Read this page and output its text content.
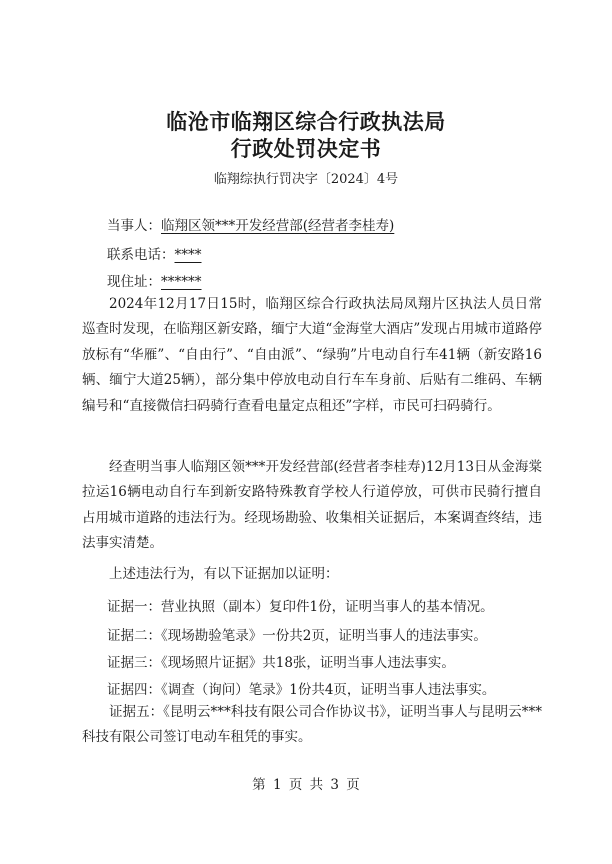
临沧市临翔区综合行政执法局
行政处罚决定书
临翔综执行罚决字〔2024〕4号
当事人：临翔区领***开发经营部(经营者李桂寿)
联系电话：****
现住址：******
2024年12月17日15时，临翔区综合行政执法局凤翔片区执法人员日常巡查时发现，在临翔区新安路，缅宁大道“金海堂大酒店”发现占用城市道路停放标有“华雁”、“自由行”、“自由派”、“绿驹”片电动自行车41辆（新安路16辆、缅宁大道25辆），部分集中停放电动自行车车身前、后贴有二维码、车辆编号和“直接微信扫码骑行查看电量定点租还”字样，市民可扫码骑行。
经查明当事人临翔区领***开发经营部(经营者李桂寿)12月13日从金海棠拉运16辆电动自行车到新安路特殊教育学校人行道停放，可供市民骑行擅自占用城市道路的违法行为。经现场勘验、收集相关证据后，本案调查终结，违法事实清楚。
上述违法行为，有以下证据加以证明：
证据一：营业执照（副本）复印件1份，证明当事人的基本情况。
证据二：《现场勘验笔录》一份共2页，证明当事人的违法事实。
证据三：《现场照片证据》共18张，证明当事人违法事实。
证据四：《调查（询问）笔录》1份共4页，证明当事人违法事实。
证据五：《昆明云***科技有限公司合作协议书》，证明当事人与昆明云***科技有限公司签订电动车租凭的事实。
第 1 页 共 3 页
